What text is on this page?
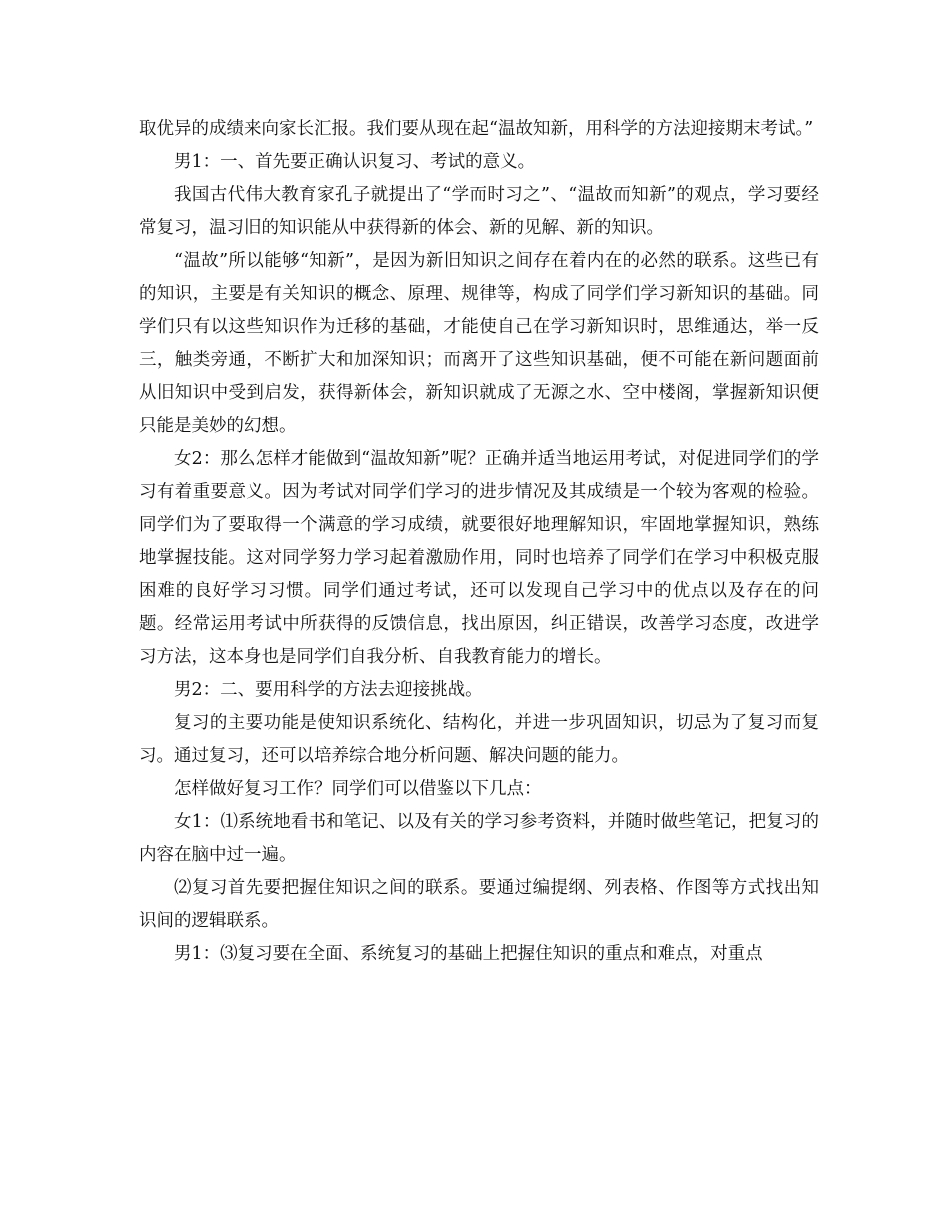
取优异的成绩来向家长汇报。我们要从现在起“温故知新，用科学的方法迎接期末考试。”

男1：一、首先要正确认识复习、考试的意义。

我国古代伟大教育家孔子就提出了“学而时习之”、“温故而知新”的观点，学习要经常复习，温习旧的知识能从中获得新的体会、新的见解、新的知识。

“温故”所以能够“知新”，是因为新旧知识之间存在着内在的必然的联系。这些已有的知识，主要是有关知识的概念、原理、规律等，构成了同学们学习新知识的基础。同学们只有以这些知识作为迁移的基础，才能使自己在学习新知识时，思维通达，举一反三，触类旁通，不断扩大和加深知识；而离开了这些知识基础，便不可能在新问题面前从旧知识中受到启发，获得新体会，新知识就成了无源之水、空中楼阁，掌握新知识便只能是美妙的幻想。

女2：那么怎样才能做到“温故知新”呢？正确并适当地运用考试，对促进同学们的学习有着重要意义。因为考试对同学们学习的进步情况及其成绩是一个较为客观的检验。同学们为了要取得一个满意的学习成绩，就要很好地理解知识，牢固地掌握知识，熟练地掌握技能。这对同学努力学习起着激励作用，同时也培养了同学们在学习中积极克服困难的良好学习习惯。同学们通过考试，还可以发现自己学习中的优点以及存在的问题。经常运用考试中所获得的反馈信息，找出原因，纠正错误，改善学习态度，改进学习方法，这本身也是同学们自我分析、自我教育能力的增长。

男2：二、要用科学的方法去迎接挑战。

复习的主要功能是使知识系统化、结构化，并进一步巩固知识，切忌为了复习而复习。通过复习，还可以培养综合地分析问题、解决问题的能力。

怎样做好复习工作？同学们可以借鉴以下几点：

女1：⑴系统地看书和笔记、以及有关的学习参考资料，并随时做些笔记，把复习的内容在脑中过一遍。

⑵复习首先要把握住知识之间的联系。要通过编提纲、列表格、作图等方式找出知识间的逻辑联系。

男1：⑶复习要在全面、系统复习的基础上把握住知识的重点和难点，对重点
